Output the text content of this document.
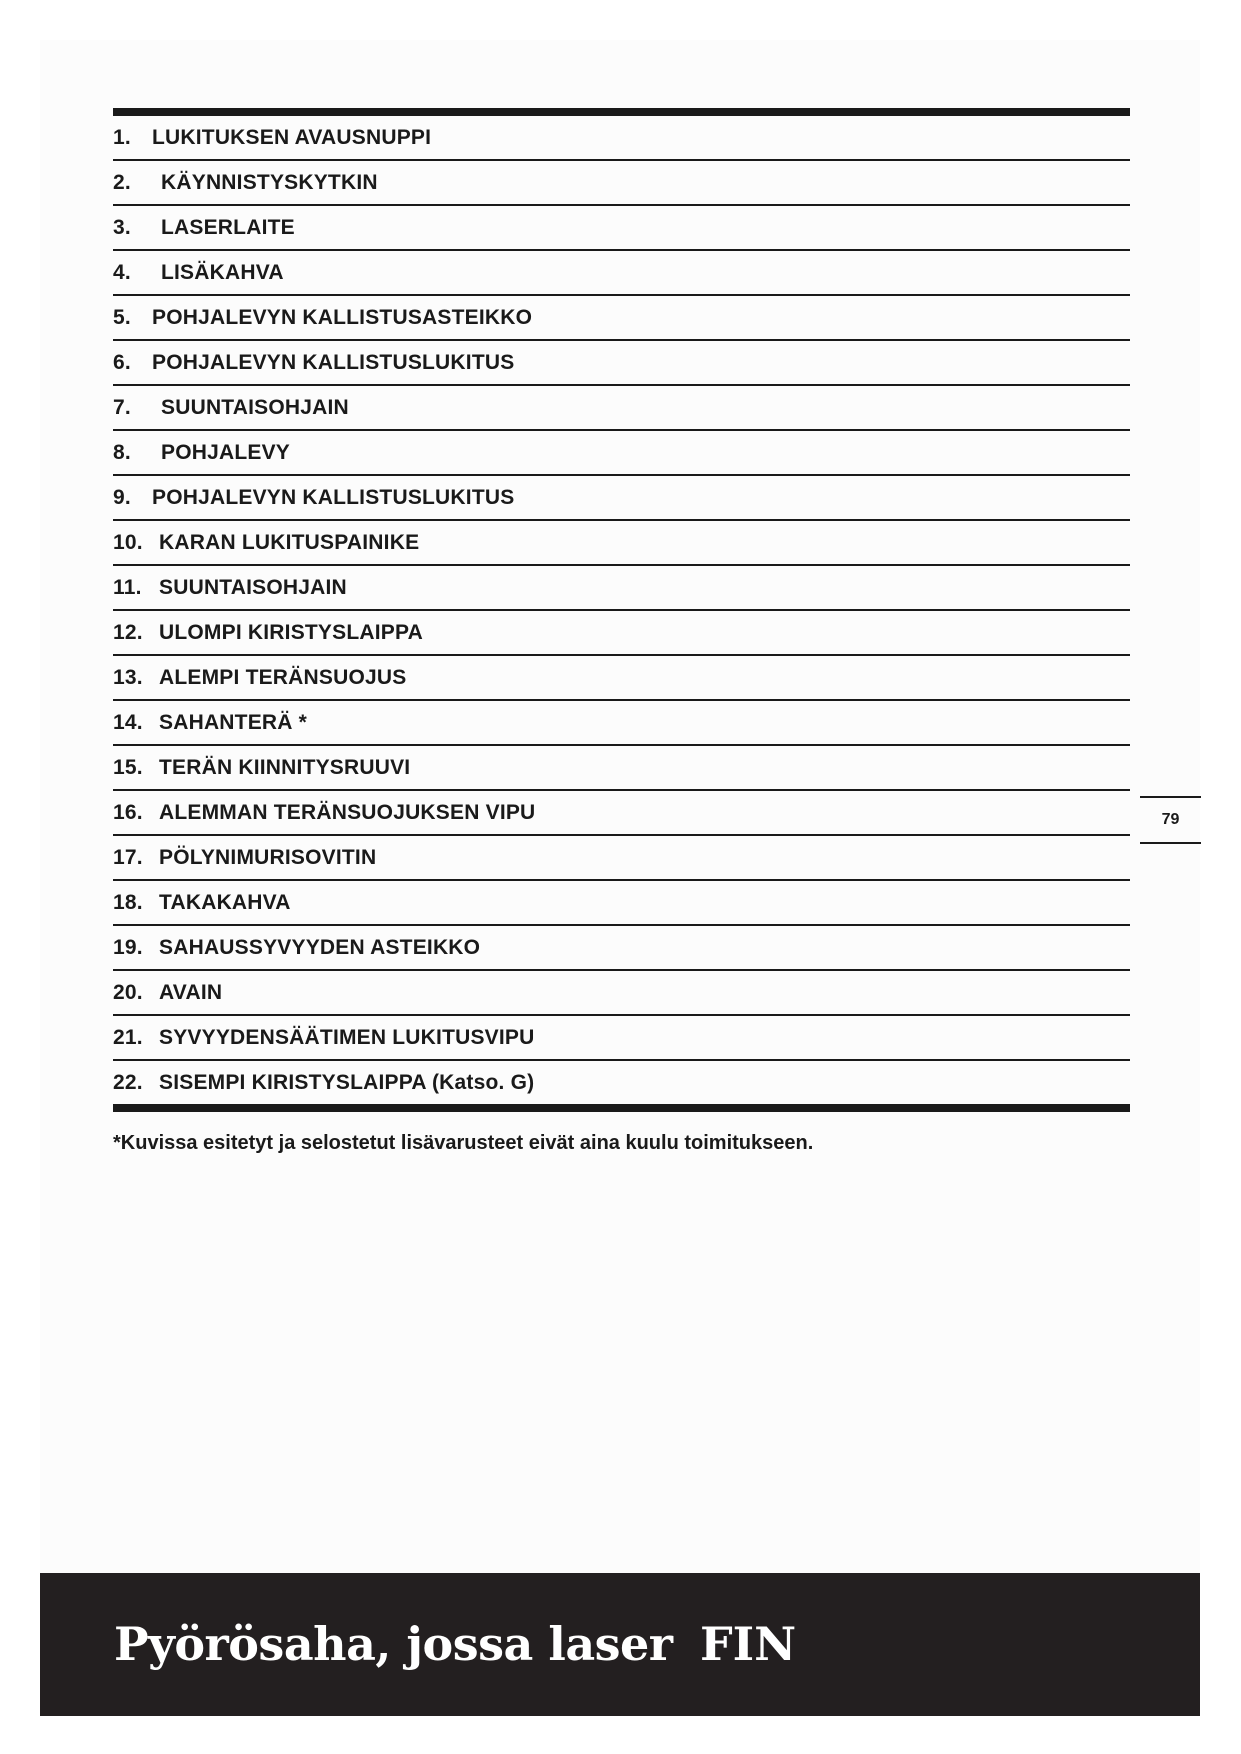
1.	LUKITUKSEN AVAUSNUPPI
2.	KÄYNNISTYSKYTKIN
3.	LASERLAITE
4.	LISÄKAHVA
5.	POHJALEVYN KALLISTUSASTEIKKO
6.	POHJALEVYN KALLISTUSLUKITUS
7.	SUUNTAISOHJAIN
8.	POHJALEVY
9.	POHJALEVYN KALLISTUSLUKITUS
10. KARAN LUKITUSPAINIKE
11. SUUNTAISOHJAIN
12. ULOMPI KIRISTYSLAIPPA
13. ALEMPI TERÄNSUOJUS
14. SAHANTERÄ *
15. TERÄN KIINNITYSRUUVI
16. ALEMMAN TERÄNSUOJUKSEN VIPU
17. PÖLYNIMURISOVITIN
18. TAKAKAHVA
19. SAHAUSSYVYYDEN ASTEIKKO
20. AVAIN
21. SYVYYDENSÄÄTIMEN LUKITUSVIPU
22. SISEMPI KIRISTYSLAIPPA (Katso. G)
*Kuvissa esitetyt ja selostetut lisävarusteet eivät aina kuulu toimitukseen.
79
Pyörösaha, jossa laser FIN
